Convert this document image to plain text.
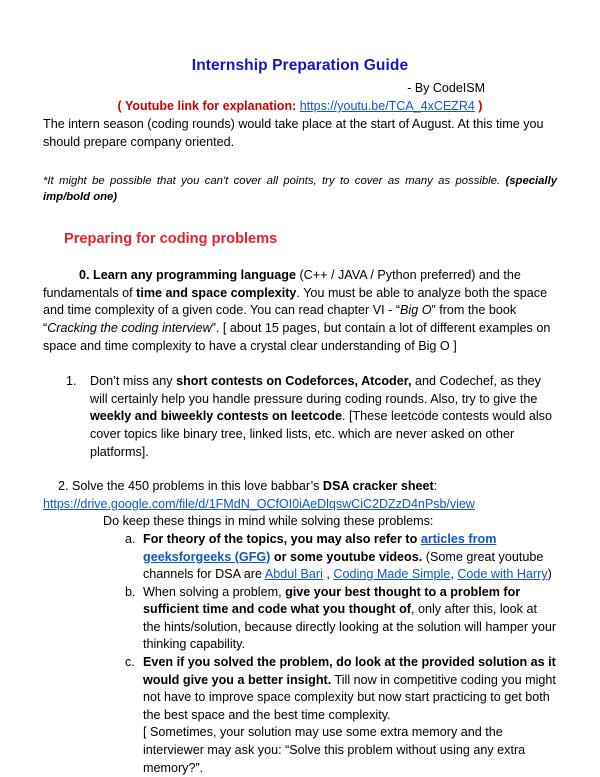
Internship Preparation Guide
- By CodeISM
( Youtube link for explanation: https://youtu.be/TCA_4xCEZR4 )

The intern season (coding rounds) would take place at the start of August. At this time you should prepare company oriented.

*It might be possible that you can't cover all points, try to cover as many as possible. (specially imp/bold one)

Preparing for coding problems

0. Learn any programming language (C++ / JAVA / Python preferred) and the fundamentals of time and space complexity. You must be able to analyze both the space and time complexity of a given code. You can read chapter VI - “Big O” from the book “Cracking the coding interview”. [ about 15 pages, but contain a lot of different examples on space and time complexity to have a crystal clear understanding of Big O ]

1.	Don’t miss any short contests on Codeforces, Atcoder, and Codechef, as they will certainly help you handle pressure during coding rounds. Also, try to give the weekly and biweekly contests on leetcode. [These leetcode contests would also cover topics like binary tree, linked lists, etc. which are never asked on other platforms].

2. Solve the 450 problems in this love babbar’s DSA cracker sheet:

https://drive.google.com/file/d/1FMdN_OCfOI0iAeDlqswCiC2DZzD4nPsb/view

Do keep these things in mind while solving these problems:

a. For theory of the topics, you may also refer to articles from geeksforgeeks (GFG) or some youtube videos. (Some great youtube channels for DSA are Abdul Bari , Coding Made Simple, Code with Harry)
b. When solving a problem, give your best thought to a problem for sufficient time and code what you thought of, only after this, look at the hints/solution, because directly looking at the solution will hamper your thinking capability.
c. Even if you solved the problem, do look at the provided solution as it would give you a better insight. Till now in competitive coding you might not have to improve space complexity but now start practicing to get both the best space and the best time complexity.
[ Sometimes, your solution may use some extra memory and the interviewer may ask you: “Solve this problem without using any extra memory?”.
